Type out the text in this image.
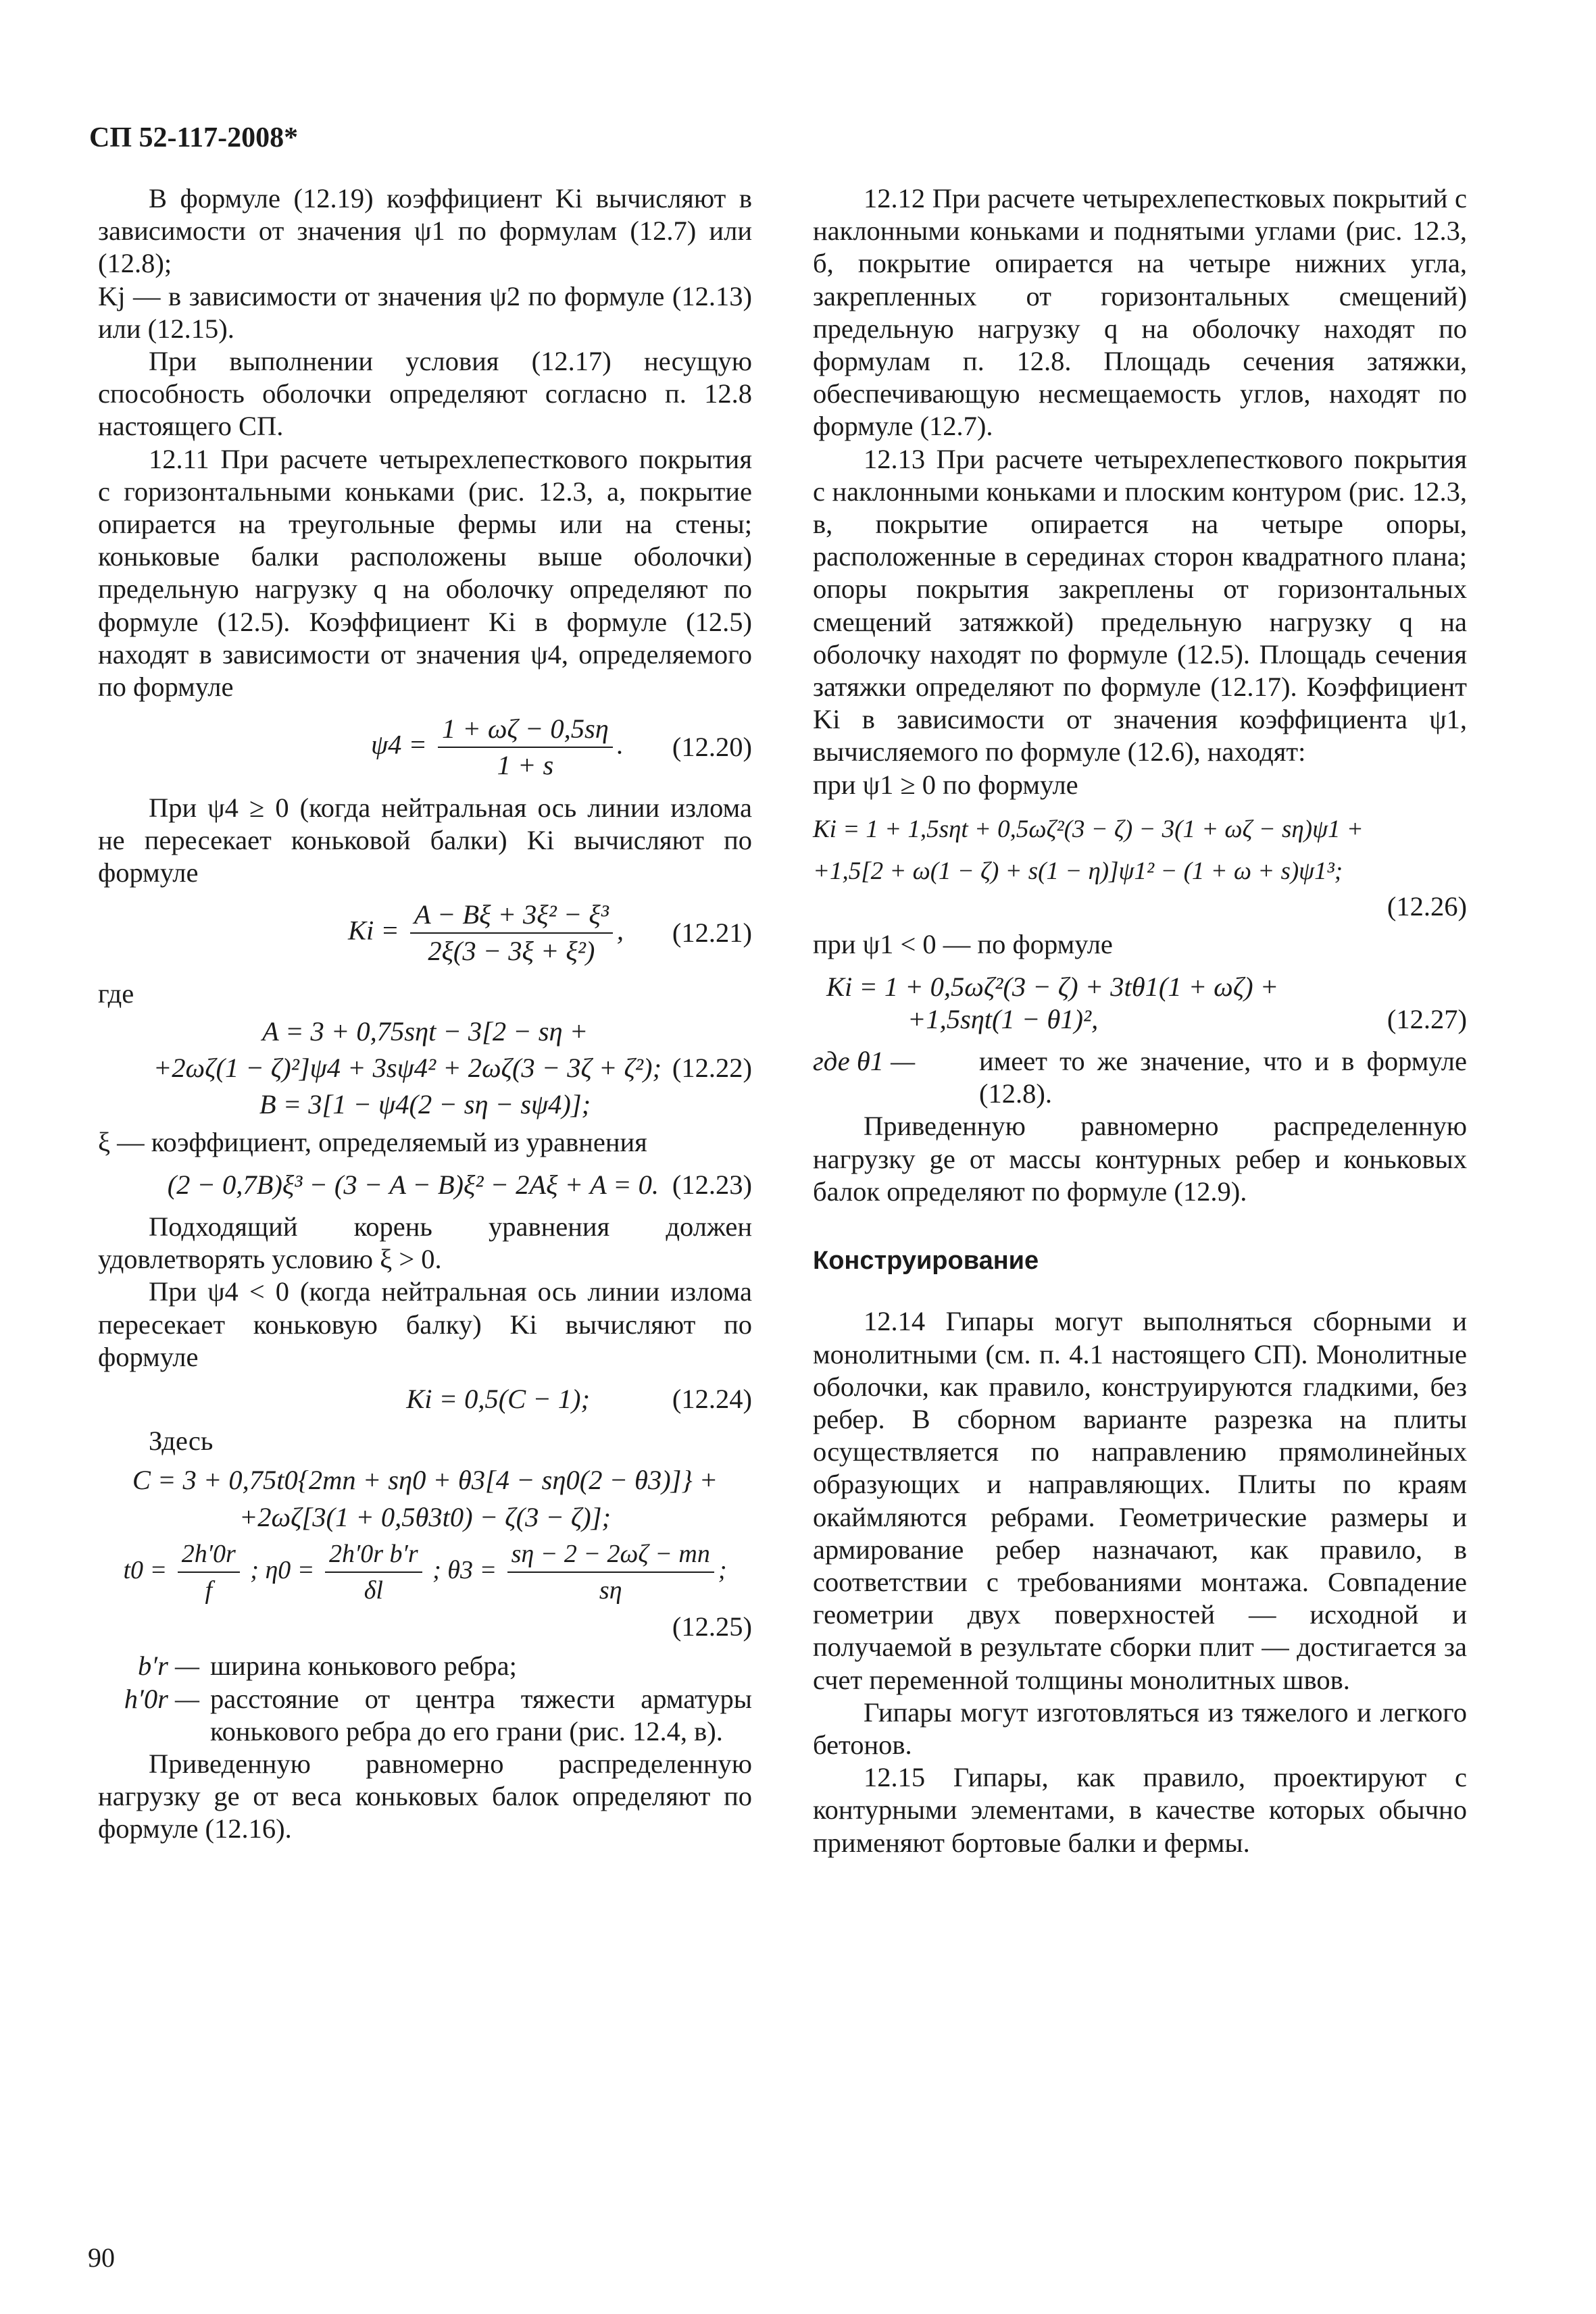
СП 52-117-2008*

В формуле (12.19) коэффициент Ki вычисляют в зависимости от значения ψ1 по формулам (12.7) или (12.8);

Kj — в зависимости от значения ψ2 по формуле (12.13) или (12.15).

При выполнении условия (12.17) несущую способность оболочки определяют согласно п. 12.8 настоящего СП.

12.11 При расчете четырехлепесткового покрытия с горизонтальными коньками (рис. 12.3, а, покрытие опирается на треугольные фермы или на стены; коньковые балки расположены выше оболочки) предельную нагрузку q на оболочку определяют по формуле (12.5). Коэффициент Ki в формуле (12.5) находят в зависимости от значения ψ4, определяемого по формуле

$\psi 4 = \frac{1 + \omega\zeta - 0,5s\eta}{1 + s}$ .	(12.20)

При ψ4 ≥ 0 (когда нейтральная ось линии излома не пересекает коньковой балки) Ki вычисляют по формуле

$Ki = \frac{\text{A − Bξ + 3ξ² − ξ³}}{\text{2ξ(3 − 3ξ + ξ²)}}$ ,	(12.21)

где

A = 3 + 0,75sηt − 3[2 − sη +
+2ωζ(1 − ζ)²]ψ4 + 3sψ4² + 2ωζ(3 − 3ζ + ζ²); (12.22)
B = 3[1 − ψ4(2 − sη − sψ4)];

ξ — коэффициент, определяемый из уравнения

(2 − 0,7B)ξ³ − (3 − A − B)ξ² − 2Aξ + A = 0. (12.23)

Подходящий корень уравнения должен удовлетворять условию ξ > 0.

При ψ4 < 0 (когда нейтральная ось линии излома пересекает коньковую балку) Ki вычисляют по формуле

Ki = 0,5(C − 1);	(12.24)

Здесь

C = 3 + 0,75t0{2mn + sη0 + θ3[4 − sη0(2 − θ3)]} +
+2ωζ[3(1 + 0,5θ3t0) − ζ(3 − ζ)];
$t0 = \frac{2h'0r}{f}$ ; $\eta 0 = \frac{\text{2h′0r b′r}}{\delta l}$ ; $\theta 3 = \frac{s\eta - 2 - 2\omega\zeta - mn}{s\eta}$ ;
(12.25)
b′r — ширина конькового ребра;
h′0r — расстояние от центра тяжести арматуры конькового ребра до его грани (рис. 12.4, в).

Приведенную равномерно распределенную нагрузку ge от веса коньковых балок определяют по формуле (12.16).

12.12 При расчете четырехлепестковых покрытий с наклонными коньками и поднятыми углами (рис. 12.3, б, покрытие опирается на четыре нижних угла, закрепленных от горизонтальных смещений) предельную нагрузку q на оболочку находят по формулам п. 12.8. Площадь сечения затяжки, обеспечивающую несмещаемость углов, находят по формуле (12.7).

12.13 При расчете четырехлепесткового покрытия с наклонными коньками и плоским контуром (рис. 12.3, в, покрытие опирается на четыре опоры, расположенные в серединах сторон квадратного плана; опоры покрытия закреплены от горизонтальных смещений затяжкой) предельную нагрузку q на оболочку находят по формуле (12.5). Площадь сечения затяжки определяют по формуле (12.17). Коэффициент Ki в зависимости от значения коэффициента ψ1, вычисляемого по формуле (12.6), находят:

при ψ1 ≥ 0 по формуле

Ki = 1 + 1,5sηt + 0,5ωζ²(3 − ζ) − 3(1 + ωζ − sη)ψ1 +
+1,5[2 + ω(1 − ζ) + s(1 − η)]ψ1² − (1 + ω + s)ψ1³;
(12.26)

при ψ1 < 0 — по формуле

Ki = 1 + 0,5ωζ²(3 − ζ) + 3tθ1(1 + ωζ) +
+1,5sηt(1 − θ1)²,	(12.27)
где θ1 —	имеет то же значение, что и в формуле (12.8).

Приведенную равномерно распределенную нагрузку ge от массы контурных ребер и коньковых балок определяют по формуле (12.9).

Конструирование

12.14 Гипары могут выполняться сборными и монолитными (см. п. 4.1 настоящего СП). Монолитные оболочки, как правило, конструируются гладкими, без ребер. В сборном варианте разрезка на плиты осуществляется по направлению прямолинейных образующих и направляющих. Плиты по краям окаймляются ребрами. Геометрические размеры и армирование ребер назначают, как правило, в соответствии с требованиями монтажа. Совпадение геометрии двух поверхностей — исходной и получаемой в результате сборки плит — достигается за счет переменной толщины монолитных швов.

Гипары могут изготовляться из тяжелого и легкого бетонов.

12.15 Гипары, как правило, проектируют с контурными элементами, в качестве которых обычно применяют бортовые балки и фермы.

90
